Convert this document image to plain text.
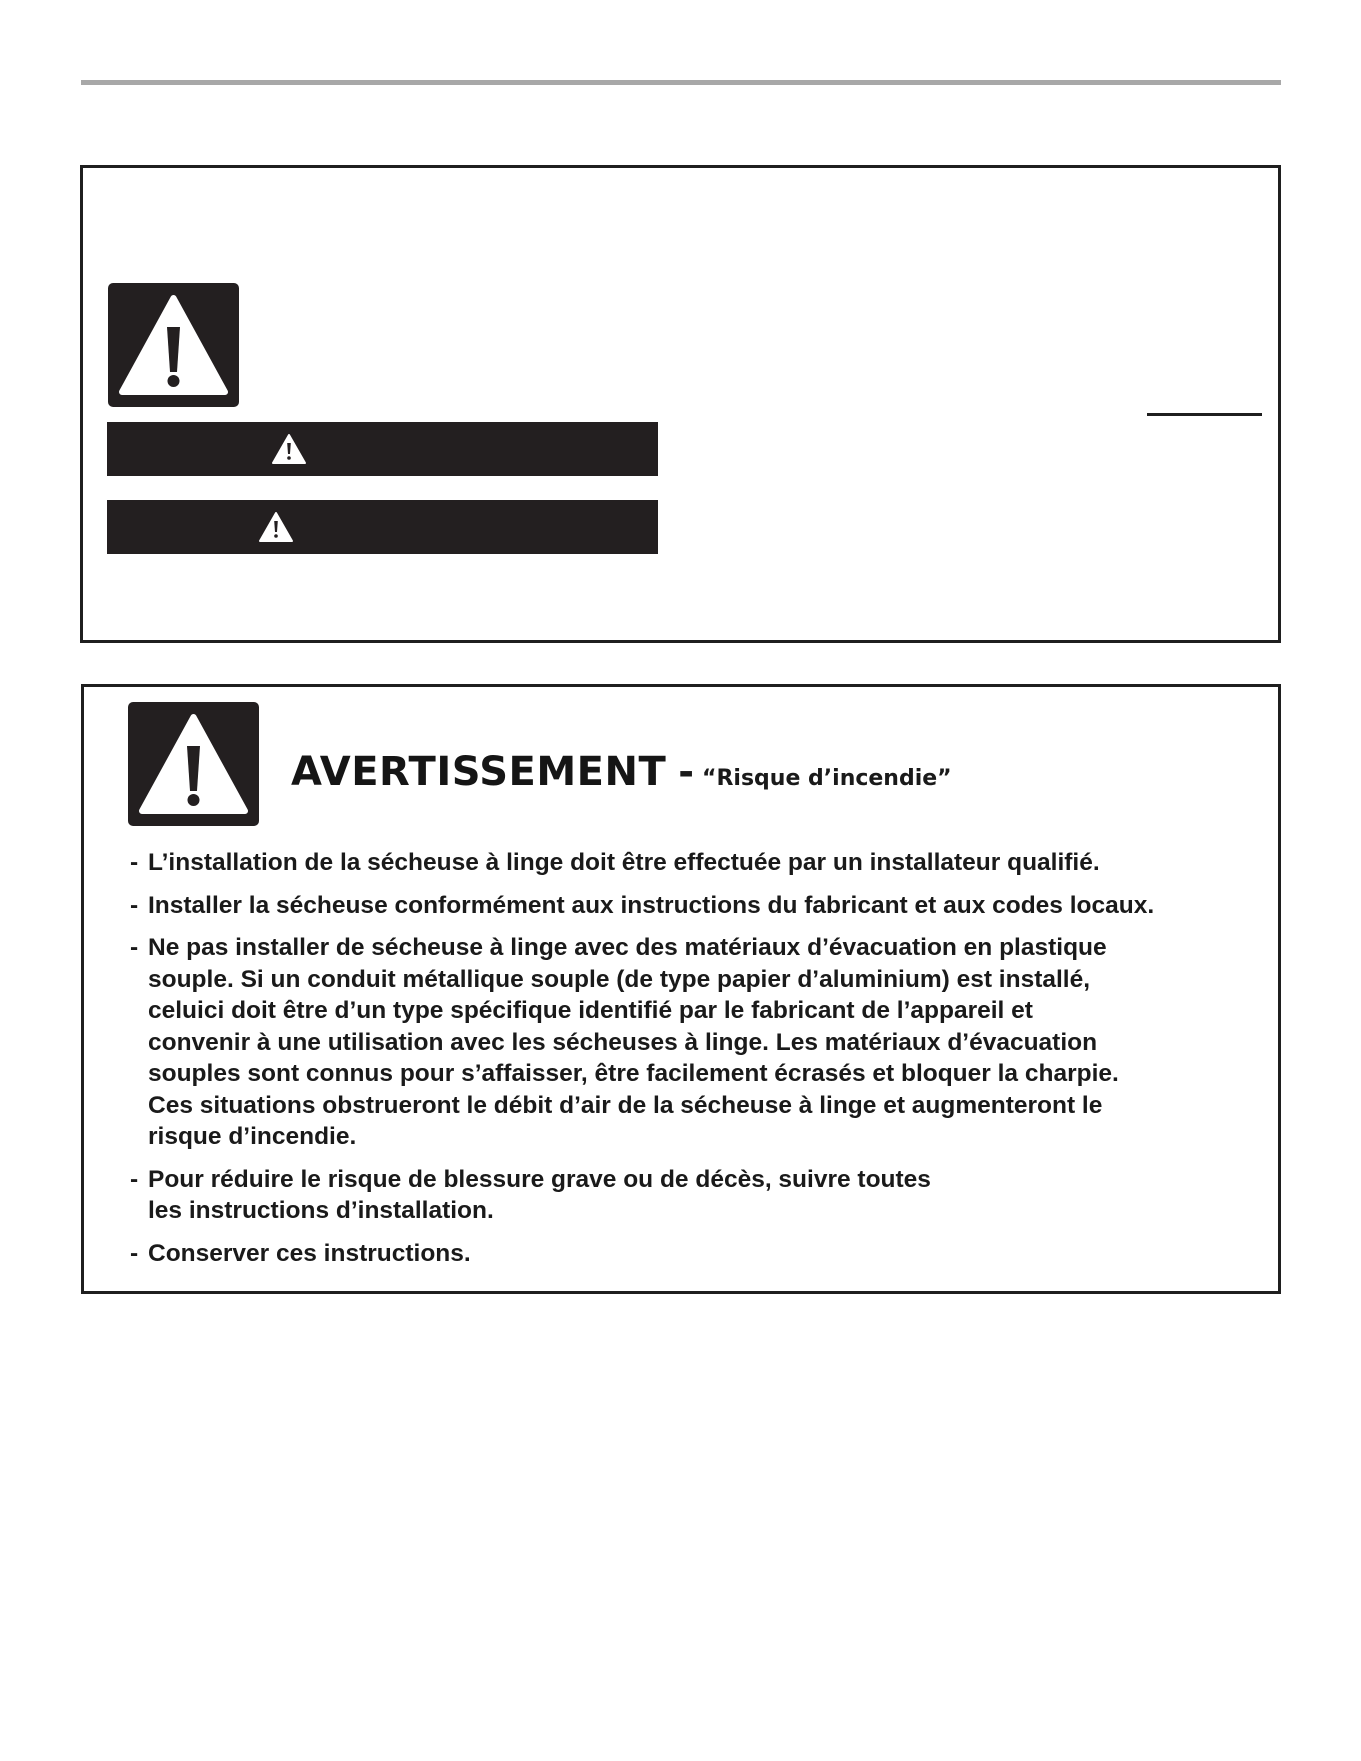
AVERTISSEMENT - “Risque d’incendie”
- L’installation de la sécheuse à linge doit être effectuée par un installateur qualifié.
- Installer la sécheuse conformément aux instructions du fabricant et aux codes locaux.
- Ne pas installer de sécheuse à linge avec des matériaux d’évacuation en plastique
souple. Si un conduit métallique souple (de type papier d’aluminium) est installé,
celuici doit être d’un type spécifique identifié par le fabricant de l’appareil et
convenir à une utilisation avec les sécheuses à linge. Les matériaux d’évacuation
souples sont connus pour s’affaisser, être facilement écrasés et bloquer la charpie.
Ces situations obstrueront le débit d’air de la sécheuse à linge et augmenteront le
risque d’incendie.
- Pour réduire le risque de blessure grave ou de décès, suivre toutes
les instructions d’installation.
- Conserver ces instructions.
